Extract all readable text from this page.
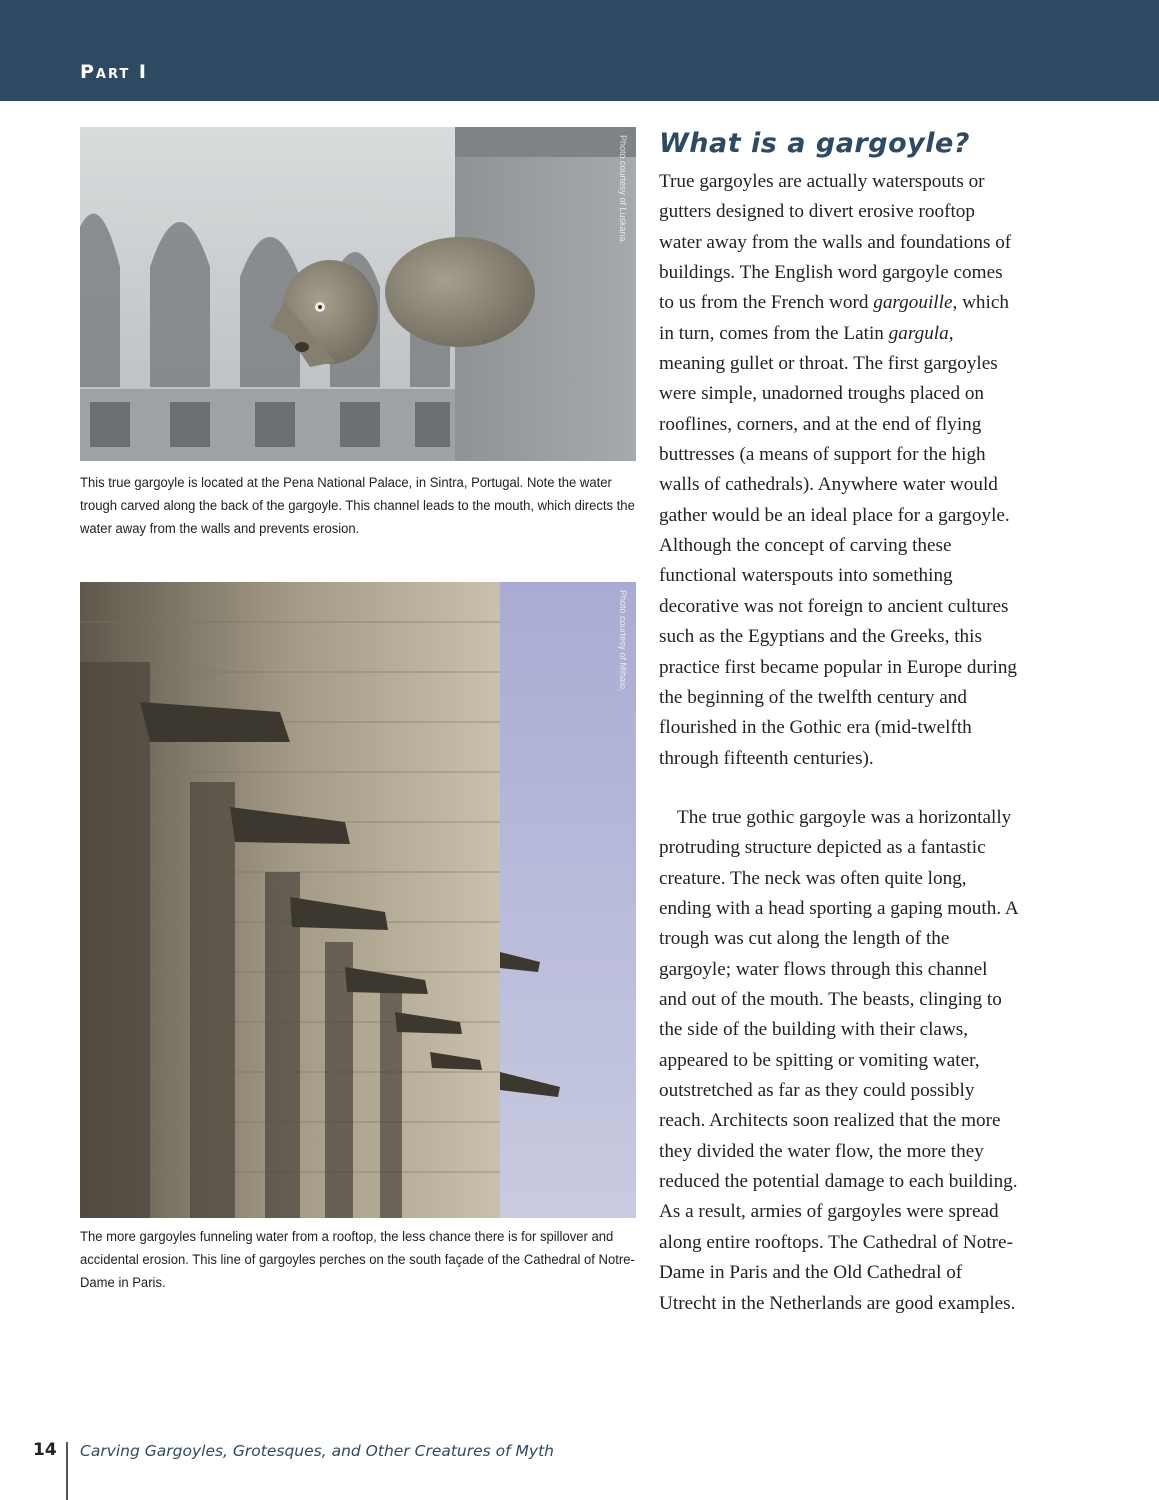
Part I
Photo courtesy of Luskana.

This true gargoyle is located at the Pena National Palace, in Sintra, Portugal. Note the water trough carved along the back of the gargoyle. This channel leads to the mouth, which directs the water away from the walls and prevents erosion.

Photo courtesy of Mihaio.

The more gargoyles funneling water from a rooftop, the less chance there is for spillover and accidental erosion. This line of gargoyles perches on the south façade of the Cathedral of Notre-Dame in Paris.

What is a gargoyle?

True gargoyles are actually waterspouts or gutters designed to divert erosive rooftop water away from the walls and foundations of buildings. The English word gargoyle comes to us from the French word gargouille, which in turn, comes from the Latin gargula, meaning gullet or throat. The first gargoyles were simple, unadorned troughs placed on rooflines, corners, and at the end of flying buttresses (a means of support for the high walls of cathedrals). Anywhere water would gather would be an ideal place for a gargoyle. Although the concept of carving these functional waterspouts into something decorative was not foreign to ancient cultures such as the Egyptians and the Greeks, this practice first became popular in Europe during the beginning of the twelfth century and flourished in the Gothic era (mid-twelfth through fifteenth centuries).

The true gothic gargoyle was a horizontally protruding structure depicted as a fantastic creature. The neck was often quite long, ending with a head sporting a gaping mouth. A trough was cut along the length of the gargoyle; water flows through this channel and out of the mouth. The beasts, clinging to the side of the building with their claws, appeared to be spitting or vomiting water, outstretched as far as they could possibly reach. Architects soon realized that the more they divided the water flow, the more they reduced the potential damage to each building. As a result, armies of gargoyles were spread along entire rooftops. The Cathedral of Notre-Dame in Paris and the Old Cathedral of Utrecht in the Netherlands are good examples.

14 Carving Gargoyles, Grotesques, and Other Creatures of Myth
